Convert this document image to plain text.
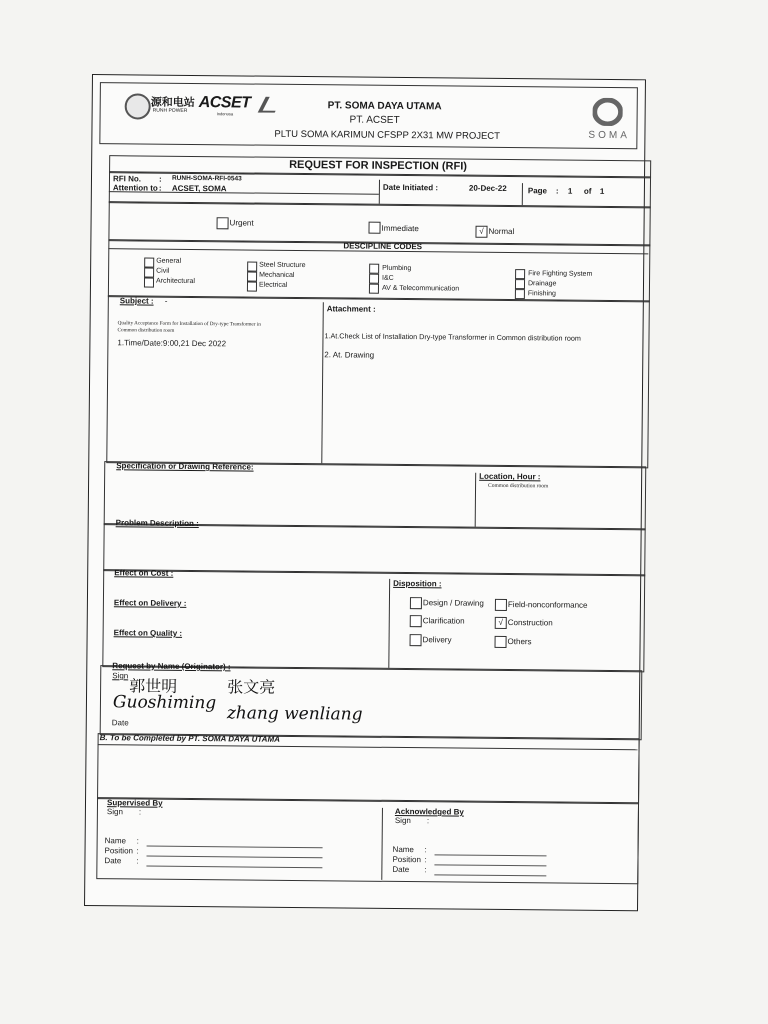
源和电站
RUNH POWER ACSET
Indonusa
PT. SOMA DAYA UTAMA
PT. ACSET
PLTU SOMA KARIMUN CFSPP 2X31 MW PROJECT	SOMA
REQUEST FOR INSPECTION (RFI)
RFI No. : RUNH-SOMA-RFI-0543
Attention to : ACSET, SOMA	Date Initiated :	20-Dec-22	Page : 1 of 1
Urgent
Immediate	√ Normal
DESCIPLINE CODES
General
Civil
Architectural
Steel Structure
Mechanical
Electrical
Plumbing
I&C
AV & Telecommunication
Fire Fighting System
Drainage
Finishing
Subject : -
Quality Acceptance Form for Installation of Dry-type Transformer in
Common distribution room
1.Time/Date:9:00,21 Dec 2022
Attachment :
1.At.Check List of Installation Dry-type Transformer in Common distribution room
2. At. Drawing
Specification or Drawing Reference:
Location, Hour :
Common distribution room
Problem Description :
Effect on Cost :
Effect on Delivery :
Effect on Quality :
Disposition :
Design / Drawing	Field-nonconformance
Clarification	√ Construction
Delivery	Others
Request by Name (Originator) :
Sign
Date
郭世明
Guoshiming
张文亮
zhang wenliang
B. To be Completed by PT. SOMA DAYA UTAMA
Supervised By
Sign :
Name :
Position :
Date :
Acknowledged By
Sign :
Name :
Position :
Date :
